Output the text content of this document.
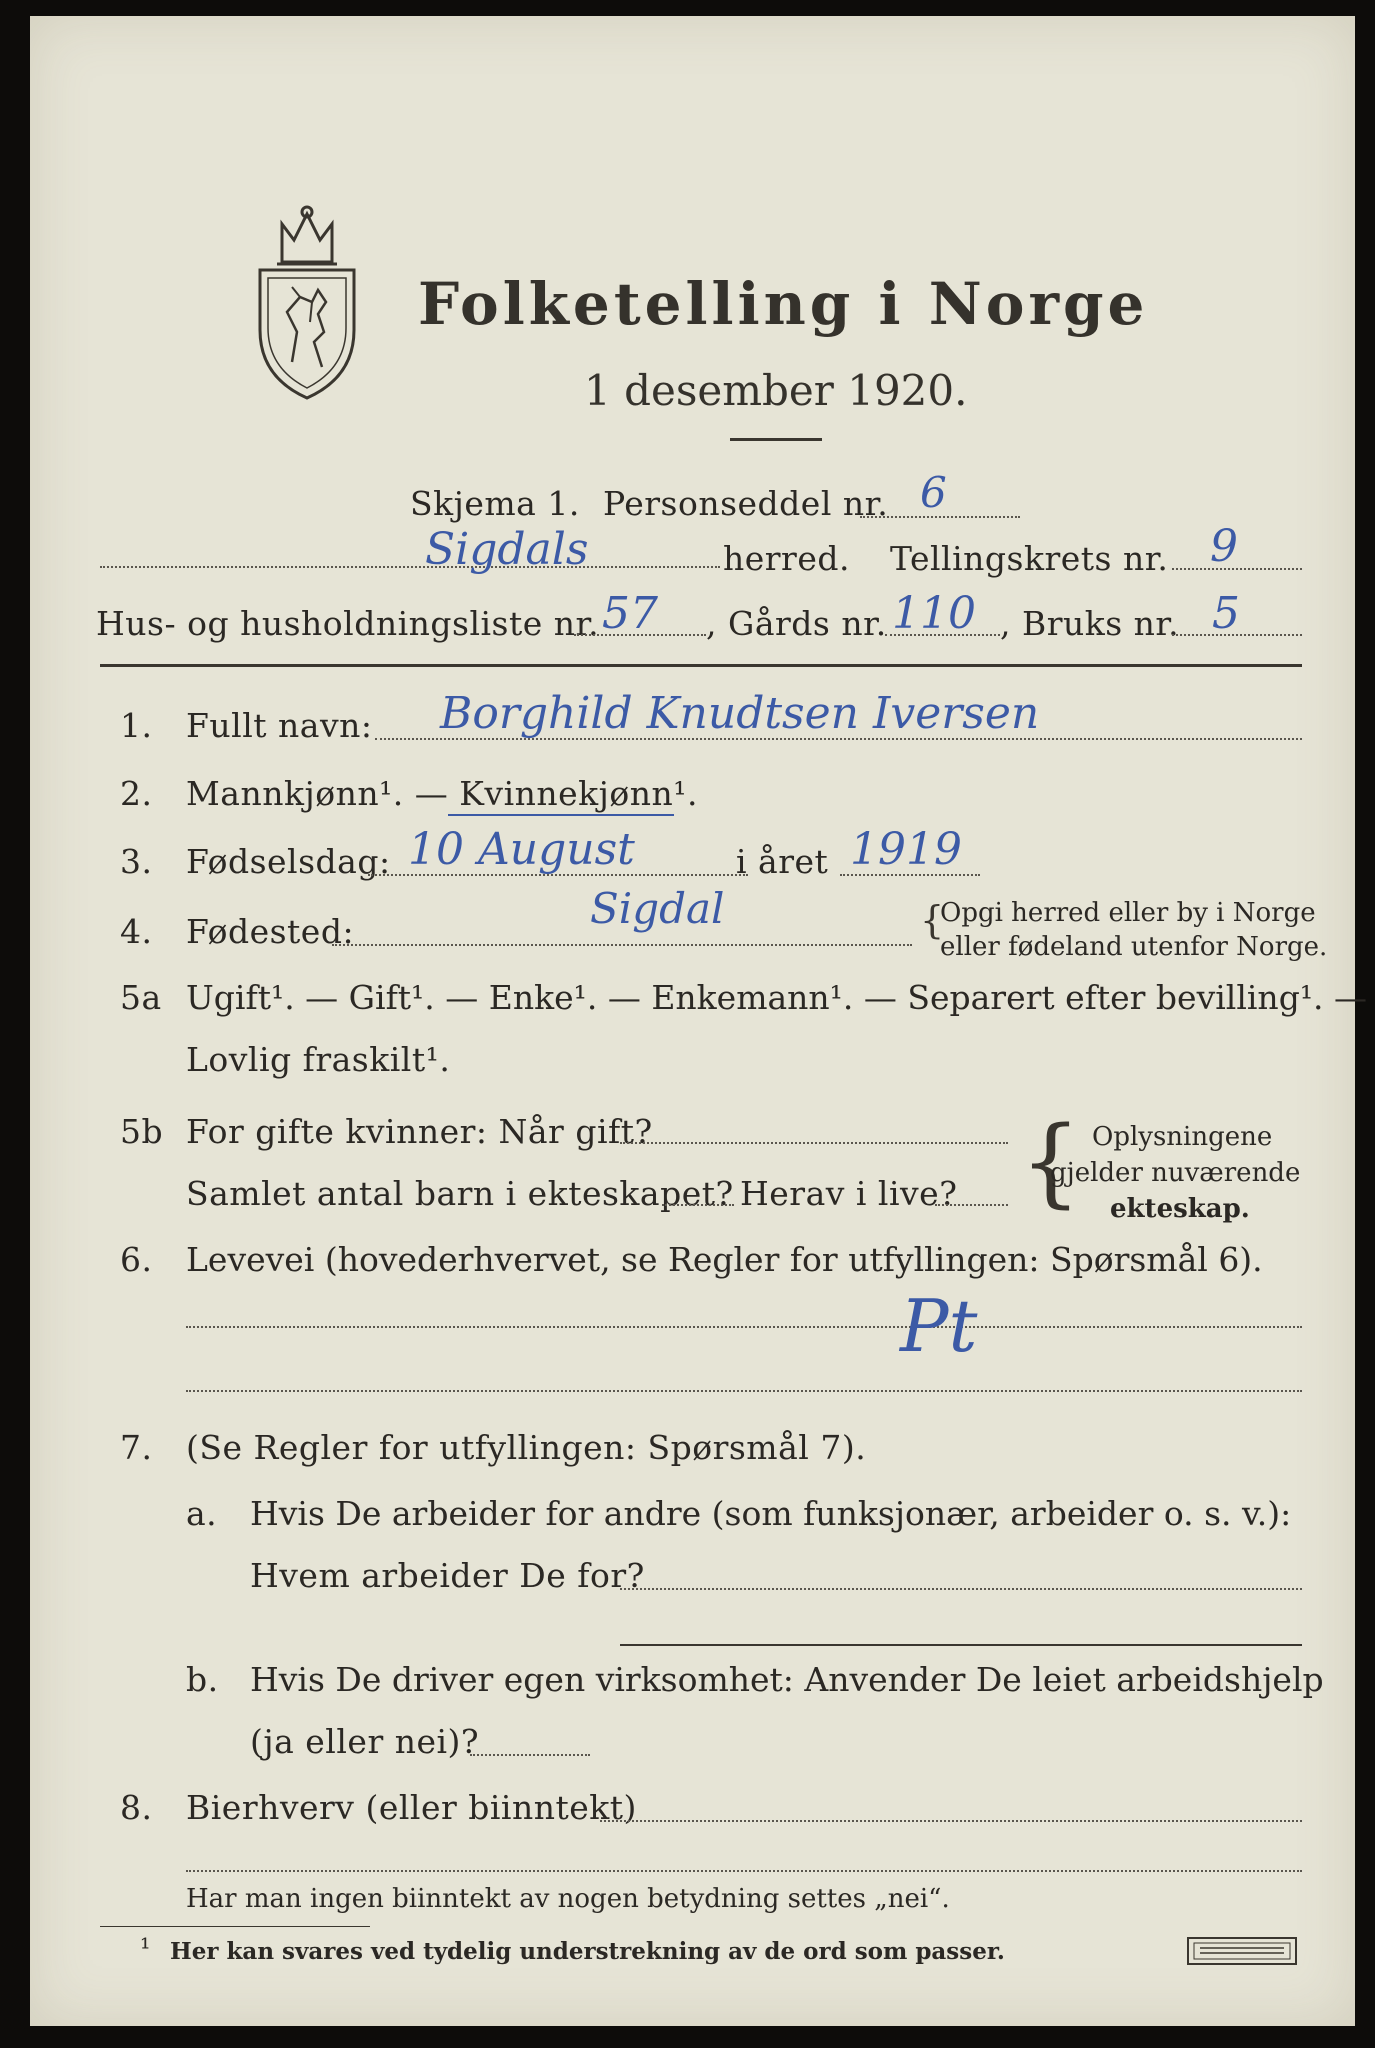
Folketelling i Norge
1 desember 1920.
Skjema 1. Personseddel nr. 6
Sigdals	herred. Tellingskrets nr. 9
Hus- og husholdningsliste nr. 57 , Gårds nr. 110 , Bruks nr. 5
1. Fullt navn: Borghild Knudtsen Iversen
2. Mannkjønn¹. — Kvinnekjønn¹.
3. Fødselsdag: 10 August	i året 1919
4. Fødested:	Sigdal	{
Opgi herred eller by i Norge
eller fødeland utenfor Norge.
5a Ugift¹. — Gift¹. — Enke¹. — Enkemann¹. — Separert efter bevilling¹. —
Lovlig fraskilt¹.
5b For gifte kvinner: Når gift?
Samlet antal barn i ekteskapet? Herav i live? { Oplysningene
gjelder nuværende
ekteskap.
6. Levevei (hovederhvervet, se Regler for utfyllingen: Spørsmål 6).
Pt
7. (Se Regler for utfyllingen: Spørsmål 7).
a. Hvis De arbeider for andre (som funksjonær, arbeider o. s. v.):
Hvem arbeider De for?
b. Hvis De driver egen virksomhet: Anvender De leiet arbeidshjelp
(ja eller nei)?
8. Bierhverv (eller biinntekt)
Har man ingen biinntekt av nogen betydning settes „nei“.
¹ Her kan svares ved tydelig understrekning av de ord som passer.
